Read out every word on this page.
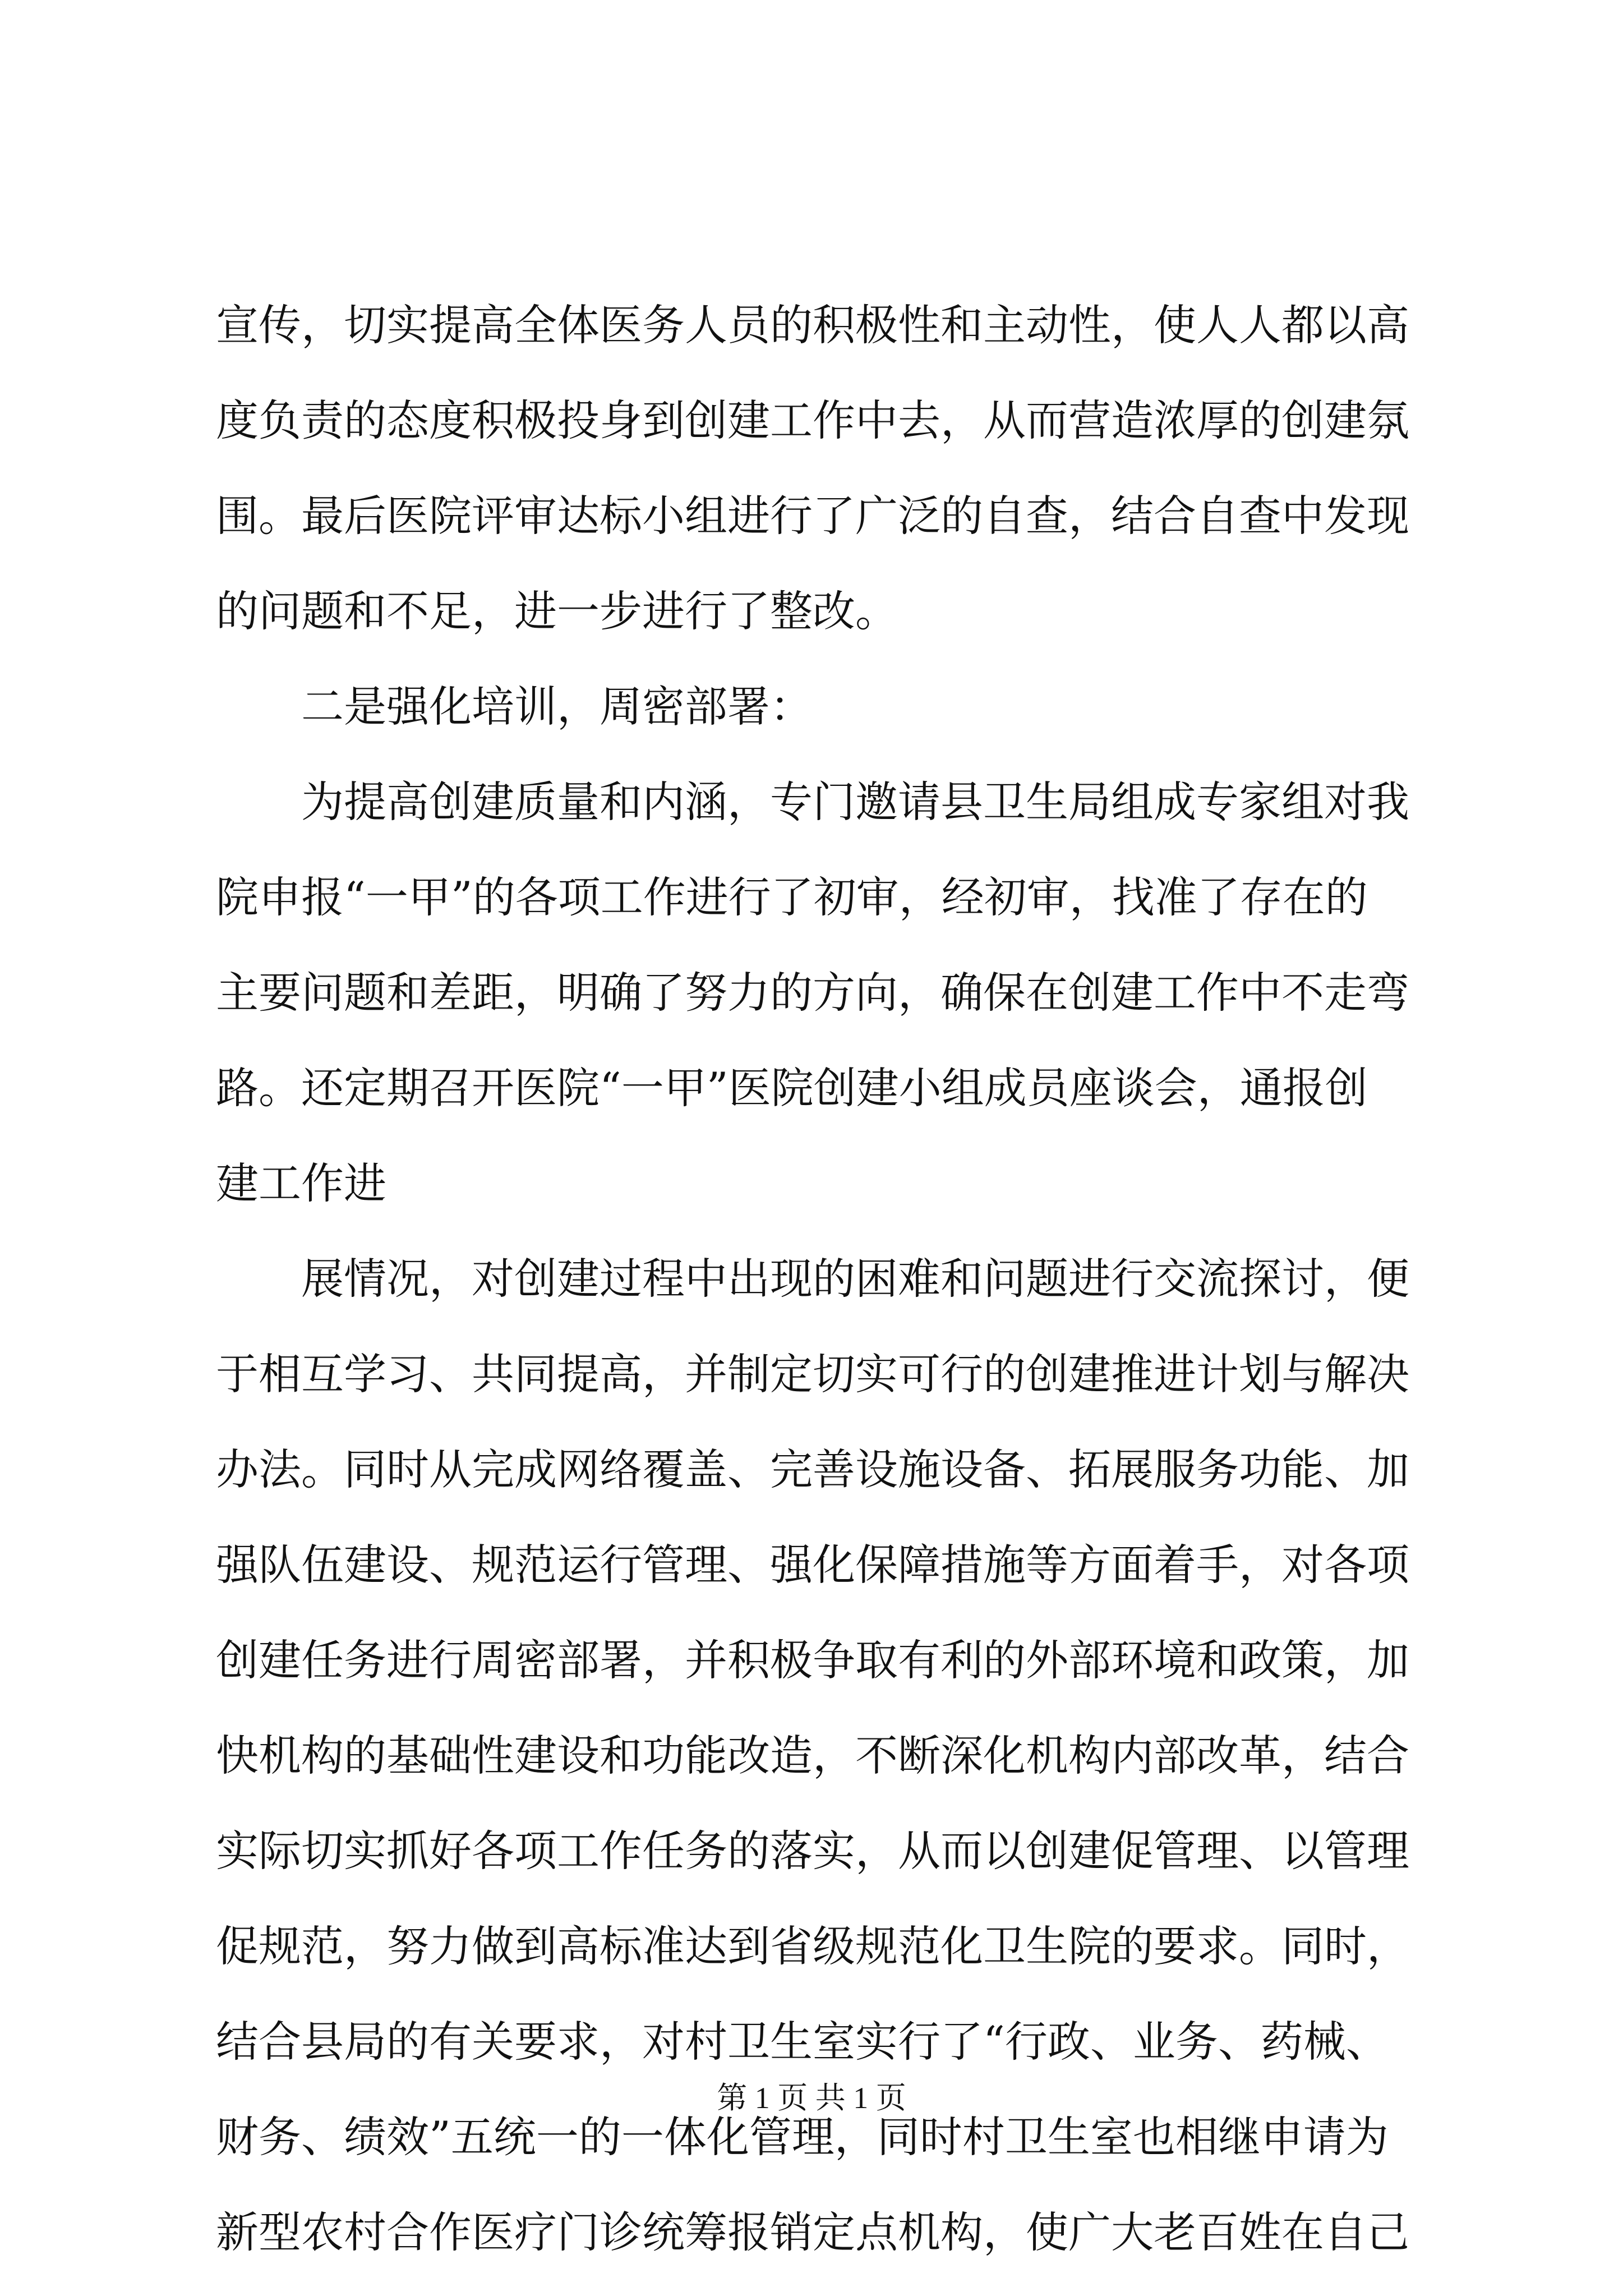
宣传，切实提高全体医务人员的积极性和主动性，使人人都以高
度负责的态度积极投身到创建工作中去，从而营造浓厚的创建氛
围。最后医院评审达标小组进行了广泛的自查，结合自查中发现
的问题和不足，进一步进行了整改。
二是强化培训，周密部署：
为提高创建质量和内涵，专门邀请县卫生局组成专家组对我
院申报“一甲”的各项工作进行了初审，经初审，找准了存在的
主要问题和差距，明确了努力的方向，确保在创建工作中不走弯
路。还定期召开医院“一甲”医院创建小组成员座谈会，通报创
建工作进
展情况，对创建过程中出现的困难和问题进行交流探讨，便
于相互学习、共同提高，并制定切实可行的创建推进计划与解决
办法。同时从完成网络覆盖、完善设施设备、拓展服务功能、加
强队伍建设、规范运行管理、强化保障措施等方面着手，对各项
创建任务进行周密部署，并积极争取有利的外部环境和政策，加
快机构的基础性建设和功能改造，不断深化机构内部改革，结合
实际切实抓好各项工作任务的落实，从而以创建促管理、以管理
促规范，努力做到高标准达到省级规范化卫生院的要求。同时，
结合县局的有关要求，对村卫生室实行了“行政、业务、药械、
财务、绩效”五统一的一体化管理，同时村卫生室也相继申请为
新型农村合作医疗门诊统筹报销定点机构，使广大老百姓在自己
第 1 页 共 1 页
